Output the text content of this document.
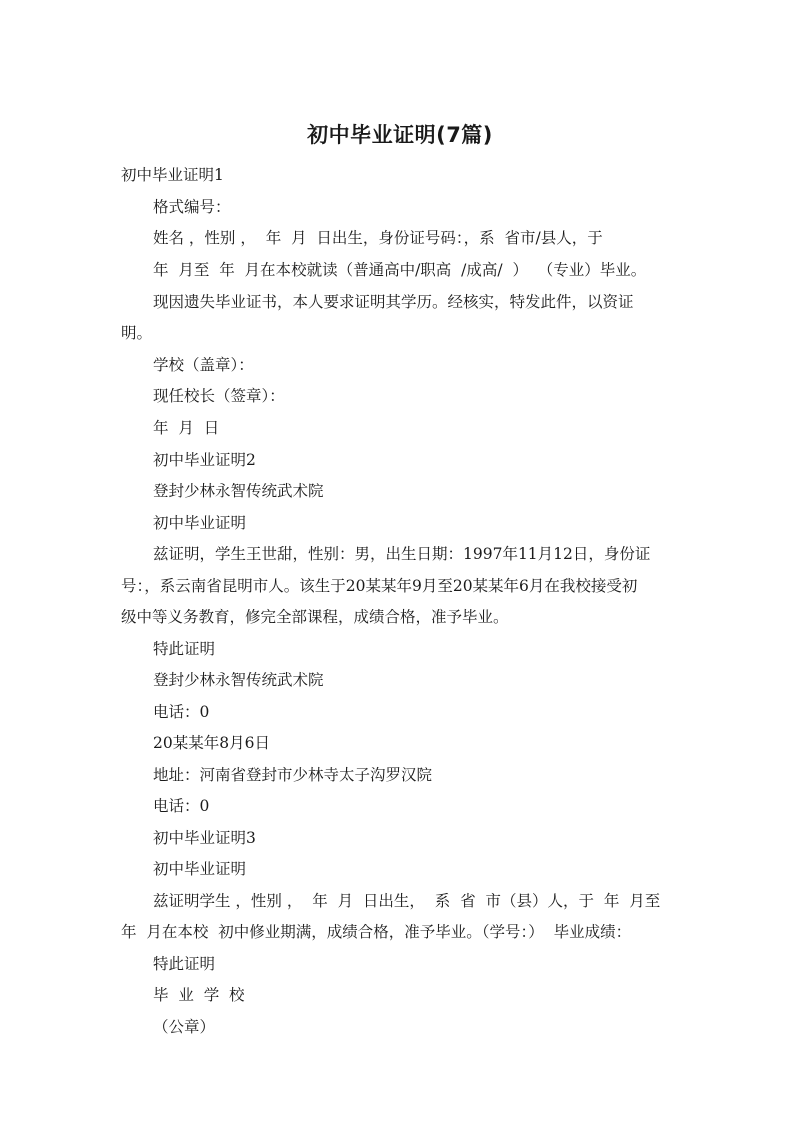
初中毕业证明(7篇)
初中毕业证明1
格式编号：
姓名 ，性别 ，  年  月  日出生，身份证号码：，系  省市/县人，于
年  月至  年  月在本校就读（普通高中/职高  /成高/  ）  （专业）毕业。
现因遗失毕业证书，本人要求证明其学历。经核实，特发此件，以资证
明。
学校（盖章）：
现任校长（签章）：
年  月  日
初中毕业证明2
登封少林永智传统武术院
初中毕业证明
兹证明，学生王世甜，性别：男，出生日期：1997年11月12日，身份证
号：，系云南省昆明市人。该生于20某某年9月至20某某年6月在我校接受初
级中等义务教育，修完全部课程，成绩合格，准予毕业。
特此证明
登封少林永智传统武术院
电话：0
20某某年8月6日
地址：河南省登封市少林寺太子沟罗汉院
电话：0
初中毕业证明3
初中毕业证明
兹证明学生 ，性别 ，  年  月  日出生，  系  省  市（县）人，于  年  月至
年  月在本校  初中修业期满，成绩合格，准予毕业。（学号：）  毕业成绩：
特此证明
毕  业  学  校
（公章）
